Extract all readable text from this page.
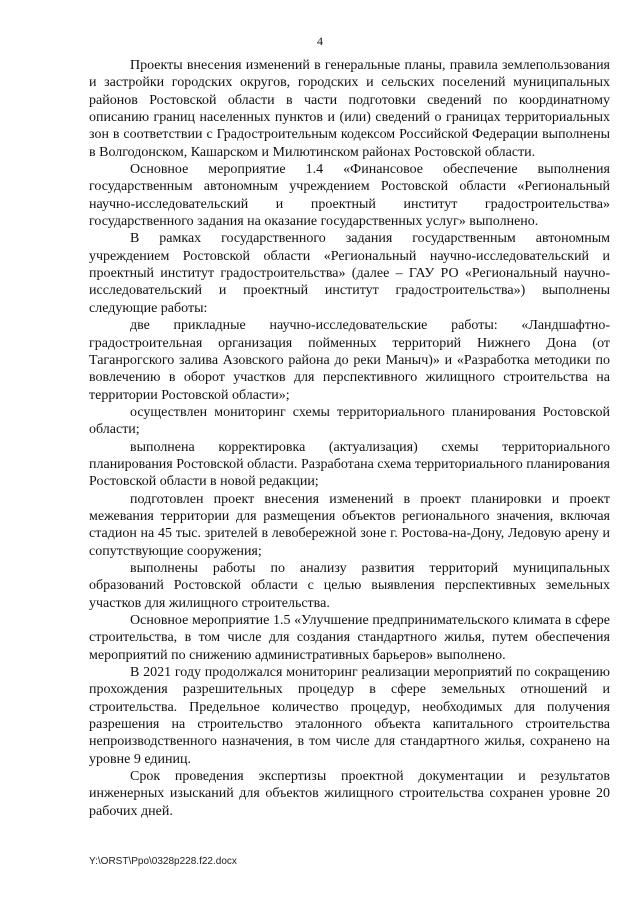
4

Проекты внесения изменений в генеральные планы, правила землепользования и застройки городских округов, городских и сельских поселений муниципальных районов Ростовской области в части подготовки сведений по координатному описанию границ населенных пунктов и (или) сведений о границах территориальных зон в соответствии с Градостроительным кодексом Российской Федерации выполнены в Волгодонском, Кашарском и Милютинском районах Ростовской области.

Основное мероприятие 1.4 «Финансовое обеспечение выполнения государственным автономным учреждением Ростовской области «Региональный научно-исследовательский и проектный институт градостроительства» государственного задания на оказание государственных услуг» выполнено.

В рамках государственного задания государственным автономным учреждением Ростовской области «Региональный научно-исследовательский и проектный институт градостроительства» (далее – ГАУ РО «Региональный научно-исследовательский и проектный институт градостроительства») выполнены следующие работы:

две прикладные научно-исследовательские работы: «Ландшафтно-градостроительная организация пойменных территорий Нижнего Дона (от Таганрогского залива Азовского района до реки Маныч)» и «Разработка методики по вовлечению в оборот участков для перспективного жилищного строительства на территории Ростовской области»;

осуществлен мониторинг схемы территориального планирования Ростовской области;

выполнена корректировка (актуализация) схемы территориального планирования Ростовской области. Разработана схема территориального планирования Ростовской области в новой редакции;

подготовлен проект внесения изменений в проект планировки и проект межевания территории для размещения объектов регионального значения, включая стадион на 45 тыс. зрителей в левобережной зоне г. Ростова-на-Дону, Ледовую арену и сопутствующие сооружения;

выполнены работы по анализу развития территорий муниципальных образований Ростовской области с целью выявления перспективных земельных участков для жилищного строительства.

Основное мероприятие 1.5 «Улучшение предпринимательского климата в сфере строительства, в том числе для создания стандартного жилья, путем обеспечения мероприятий по снижению административных барьеров» выполнено.

В 2021 году продолжался мониторинг реализации мероприятий по сокращению прохождения разрешительных процедур в сфере земельных отношений и строительства. Предельное количество процедур, необходимых для получения разрешения на строительство эталонного объекта капитального строительства непроизводственного назначения, в том числе для стандартного жилья, сохранено на уровне 9 единиц.

Срок проведения экспертизы проектной документации и результатов инженерных изысканий для объектов жилищного строительства сохранен уровне 20 рабочих дней.

Y:\ORST\Ppo\0328p228.f22.docx
